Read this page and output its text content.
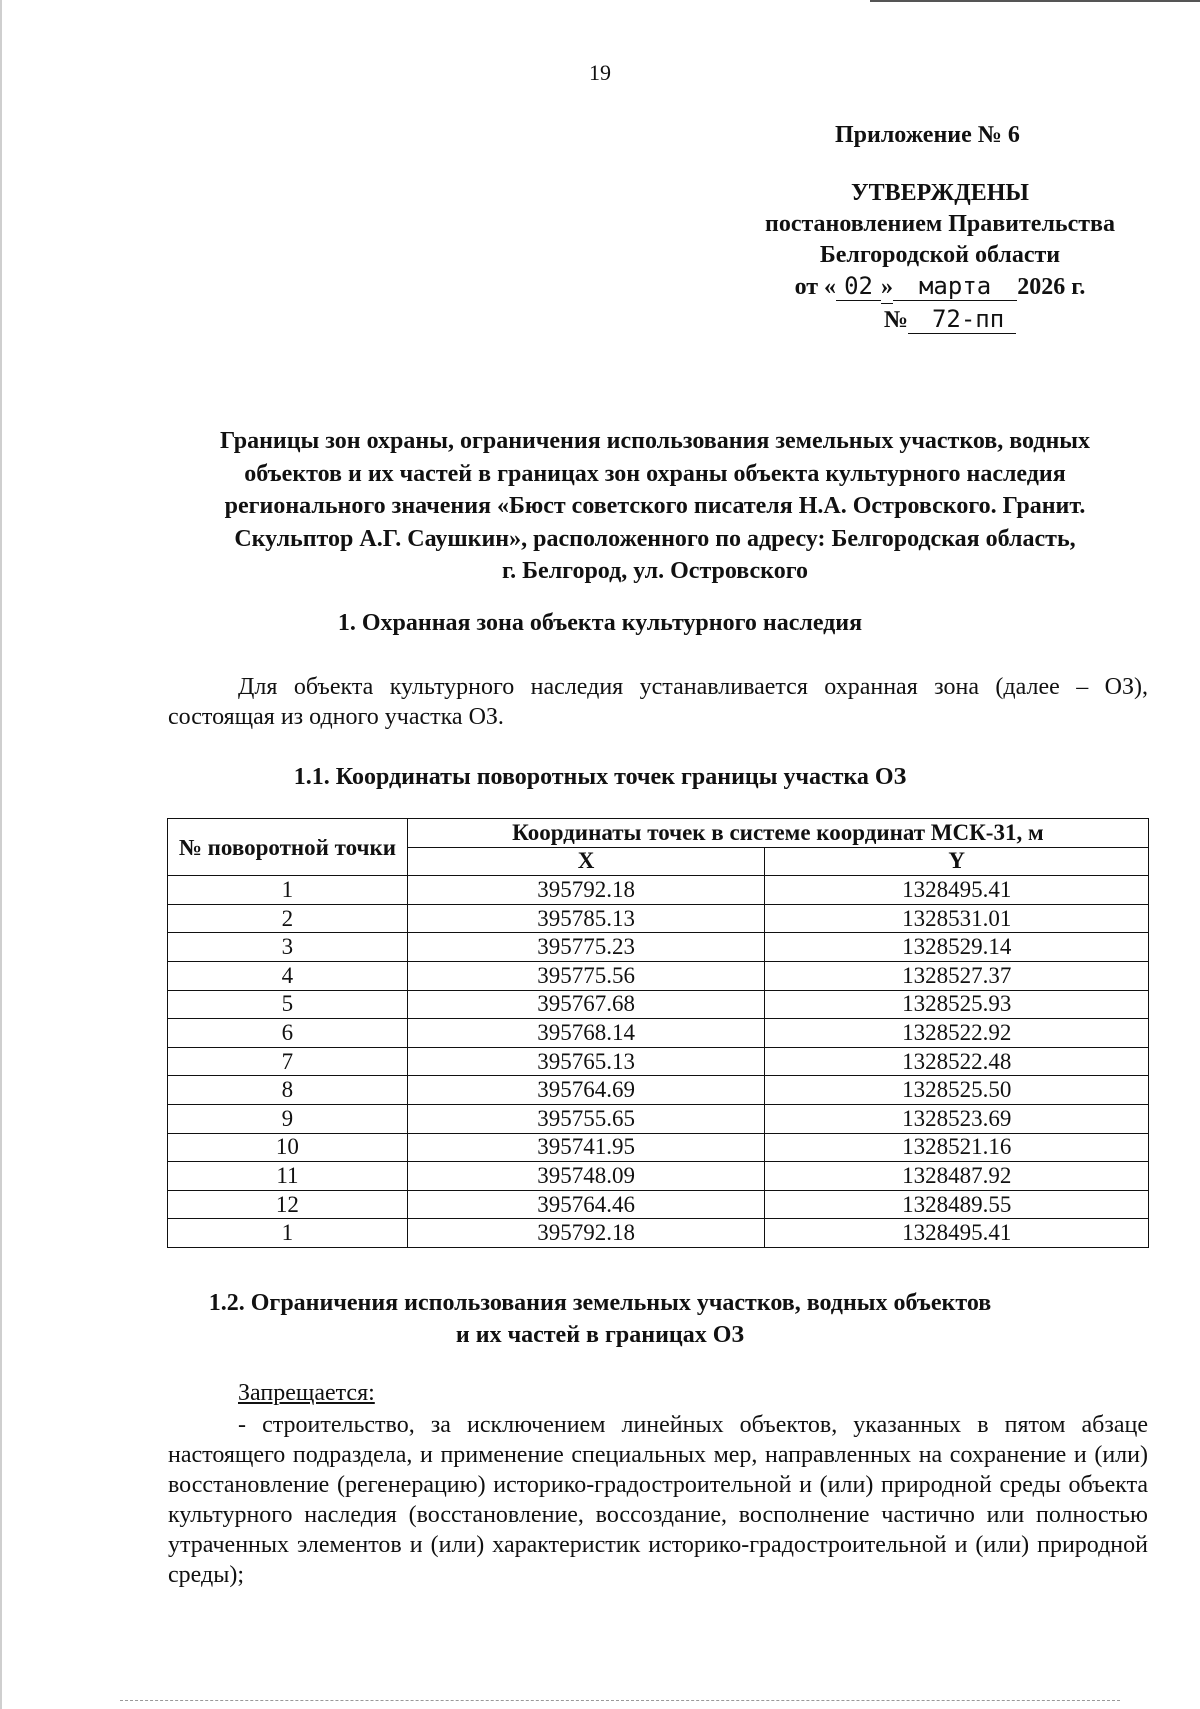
19
Приложение № 6
УТВЕРЖДЕНЫ
постановлением Правительства
Белгородской области
от « 02 » марта 2026 г.
№ 72-пп
Границы зон охраны, ограничения использования земельных участков, водных
объектов и их частей в границах зон охраны объекта культурного наследия
регионального значения «Бюст советского писателя Н.А. Островского. Гранит.
Скульптор А.Г. Саушкин», расположенного по адресу: Белгородская область,
г. Белгород, ул. Островского
1. Охранная зона объекта культурного наследия
Для объекта культурного наследия устанавливается охранная зона (далее – ОЗ), состоящая из одного участка ОЗ.
1.1. Координаты поворотных точек границы участка ОЗ
№ поворотной точки	Координаты точек в системе координат МСК-31, м	
	X	Y
1	395792.18	1328495.41
2	395785.13	1328531.01
3	395775.23	1328529.14
4	395775.56	1328527.37
5	395767.68	1328525.93
6	395768.14	1328522.92
7	395765.13	1328522.48
8	395764.69	1328525.50
9	395755.65	1328523.69
10	395741.95	1328521.16
11	395748.09	1328487.92
12	395764.46	1328489.55
1	395792.18	1328495.41
1.2. Ограничения использования земельных участков, водных объектов
и их частей в границах ОЗ
Запрещается:
- строительство, за исключением линейных объектов, указанных в пятом абзаце настоящего подраздела, и применение специальных мер, направленных на сохранение и (или) восстановление (регенерацию) историко-градостроительной и (или) природной среды объекта культурного наследия (восстановление, воссоздание, восполнение частично или полностью утраченных элементов и (или) характеристик историко-градостроительной и (или) природной среды);
